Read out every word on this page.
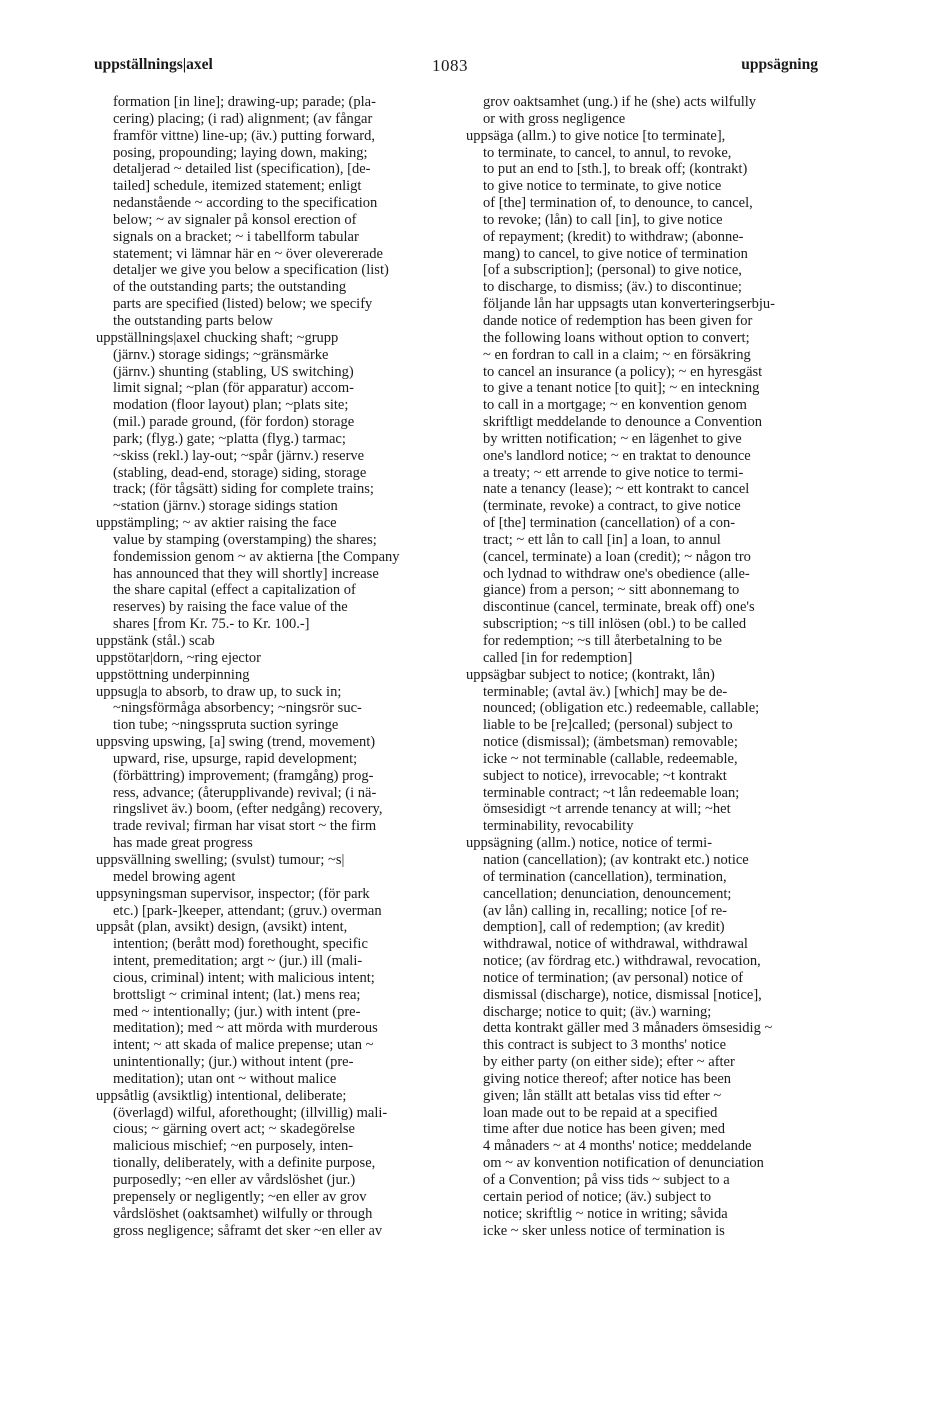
uppställnings|axel	1083	uppsägning
formation [in line]; drawing-up; parade; (pla-
cering) placing; (i rad) alignment; (av fångar
framför vittne) line-up; (äv.) putting forward,
posing, propounding; laying down, making;
detaljerad ~ detailed list (specification), [de-
tailed] schedule, itemized statement; enligt
nedanstående ~ according to the specification
below; ~ av signaler på konsol erection of
signals on a bracket; ~ i tabellform tabular
statement; vi lämnar här en ~ över olevererade
detaljer we give you below a specification (list)
of the outstanding parts; the outstanding
parts are specified (listed) below; we specify
the outstanding parts below
uppställnings|axel chucking shaft; ~grupp
(järnv.) storage sidings; ~gränsmärke
(järnv.) shunting (stabling, US switching)
limit signal; ~plan (för apparatur) accom-
modation (floor layout) plan; ~plats site;
(mil.) parade ground, (för fordon) storage
park; (flyg.) gate; ~platta (flyg.) tarmac;
~skiss (rekl.) lay-out; ~spår (järnv.) reserve
(stabling, dead-end, storage) siding, storage
track; (för tågsätt) siding for complete trains;
~station (järnv.) storage sidings station
uppstämpling; ~ av aktier raising the face
value by stamping (overstamping) the shares;
fondemission genom ~ av aktierna [the Company
has announced that they will shortly] increase
the share capital (effect a capitalization of
reserves) by raising the face value of the
shares [from Kr. 75.- to Kr. 100.-]
uppstänk (stål.) scab
uppstötar|dorn, ~ring ejector
uppstöttning underpinning
uppsug|a to absorb, to draw up, to suck in;
~ningsförmåga absorbency; ~ningsrör suc-
tion tube; ~ningsspruta suction syringe
uppsving upswing, [a] swing (trend, movement)
upward, rise, upsurge, rapid development;
(förbättring) improvement; (framgång) prog-
ress, advance; (återupplivande) revival; (i nä-
ringslivet äv.) boom, (efter nedgång) recovery,
trade revival; firman har visat stort ~ the firm
has made great progress
uppsvällning swelling; (svulst) tumour; ~s|
medel browing agent
uppsyningsman supervisor, inspector; (för park
etc.) [park-]keeper, attendant; (gruv.) overman
uppsåt (plan, avsikt) design, (avsikt) intent,
intention; (berått mod) forethought, specific
intent, premeditation; argt ~ (jur.) ill (mali-
cious, criminal) intent; with malicious intent;
brottsligt ~ criminal intent; (lat.) mens rea;
med ~ intentionally; (jur.) with intent (pre-
meditation); med ~ att mörda with murderous
intent; ~ att skada of malice prepense; utan ~
unintentionally; (jur.) without intent (pre-
meditation); utan ont ~ without malice
uppsåtlig (avsiktlig) intentional, deliberate;
(överlagd) wilful, aforethought; (illvillig) mali-
cious; ~ gärning overt act; ~ skadegörelse
malicious mischief; ~en purposely, inten-
tionally, deliberately, with a definite purpose,
purposedly; ~en eller av vårdslöshet (jur.)
prepensely or negligently; ~en eller av grov
vårdslöshet (oaktsamhet) wilfully or through
gross negligence; såframt det sker ~en eller av
grov oaktsamhet (ung.) if he (she) acts wilfully
or with gross negligence
uppsäga (allm.) to give notice [to terminate],
to terminate, to cancel, to annul, to revoke,
to put an end to [sth.], to break off; (kontrakt)
to give notice to terminate, to give notice
of [the] termination of, to denounce, to cancel,
to revoke; (lån) to call [in], to give notice
of repayment; (kredit) to withdraw; (abonne-
mang) to cancel, to give notice of termination
[of a subscription]; (personal) to give notice,
to discharge, to dismiss; (äv.) to discontinue;
följande lån har uppsagts utan konverteringserbju-
dande notice of redemption has been given for
the following loans without option to convert;
~ en fordran to call in a claim; ~ en försäkring
to cancel an insurance (a policy); ~ en hyresgäst
to give a tenant notice [to quit]; ~ en inteckning
to call in a mortgage; ~ en konvention genom
skriftligt meddelande to denounce a Convention
by written notification; ~ en lägenhet to give
one's landlord notice; ~ en traktat to denounce
a treaty; ~ ett arrende to give notice to termi-
nate a tenancy (lease); ~ ett kontrakt to cancel
(terminate, revoke) a contract, to give notice
of [the] termination (cancellation) of a con-
tract; ~ ett lån to call [in] a loan, to annul
(cancel, terminate) a loan (credit); ~ någon tro
och lydnad to withdraw one's obedience (alle-
giance) from a person; ~ sitt abonnemang to
discontinue (cancel, terminate, break off) one's
subscription; ~s till inlösen (obl.) to be called
for redemption; ~s till återbetalning to be
called [in for redemption]
uppsägbar subject to notice; (kontrakt, lån)
terminable; (avtal äv.) [which] may be de-
nounced; (obligation etc.) redeemable, callable;
liable to be [re]called; (personal) subject to
notice (dismissal); (ämbetsman) removable;
icke ~ not terminable (callable, redeemable,
subject to notice), irrevocable; ~t kontrakt
terminable contract; ~t lån redeemable loan;
ömsesidigt ~t arrende tenancy at will; ~het
terminability, revocability
uppsägning (allm.) notice, notice of termi-
nation (cancellation); (av kontrakt etc.) notice
of termination (cancellation), termination,
cancellation; denunciation, denouncement;
(av lån) calling in, recalling; notice [of re-
demption], call of redemption; (av kredit)
withdrawal, notice of withdrawal, withdrawal
notice; (av fördrag etc.) withdrawal, revocation,
notice of termination; (av personal) notice of
dismissal (discharge), notice, dismissal [notice],
discharge; notice to quit; (äv.) warning;
detta kontrakt gäller med 3 månaders ömsesidig ~
this contract is subject to 3 months' notice
by either party (on either side); efter ~ after
giving notice thereof; after notice has been
given; lån ställt att betalas viss tid efter ~
loan made out to be repaid at a specified
time after due notice has been given; med
4 månaders ~ at 4 months' notice; meddelande
om ~ av konvention notification of denunciation
of a Convention; på viss tids ~ subject to a
certain period of notice; (äv.) subject to
notice; skriftlig ~ notice in writing; såvida
icke ~ sker unless notice of termination is
